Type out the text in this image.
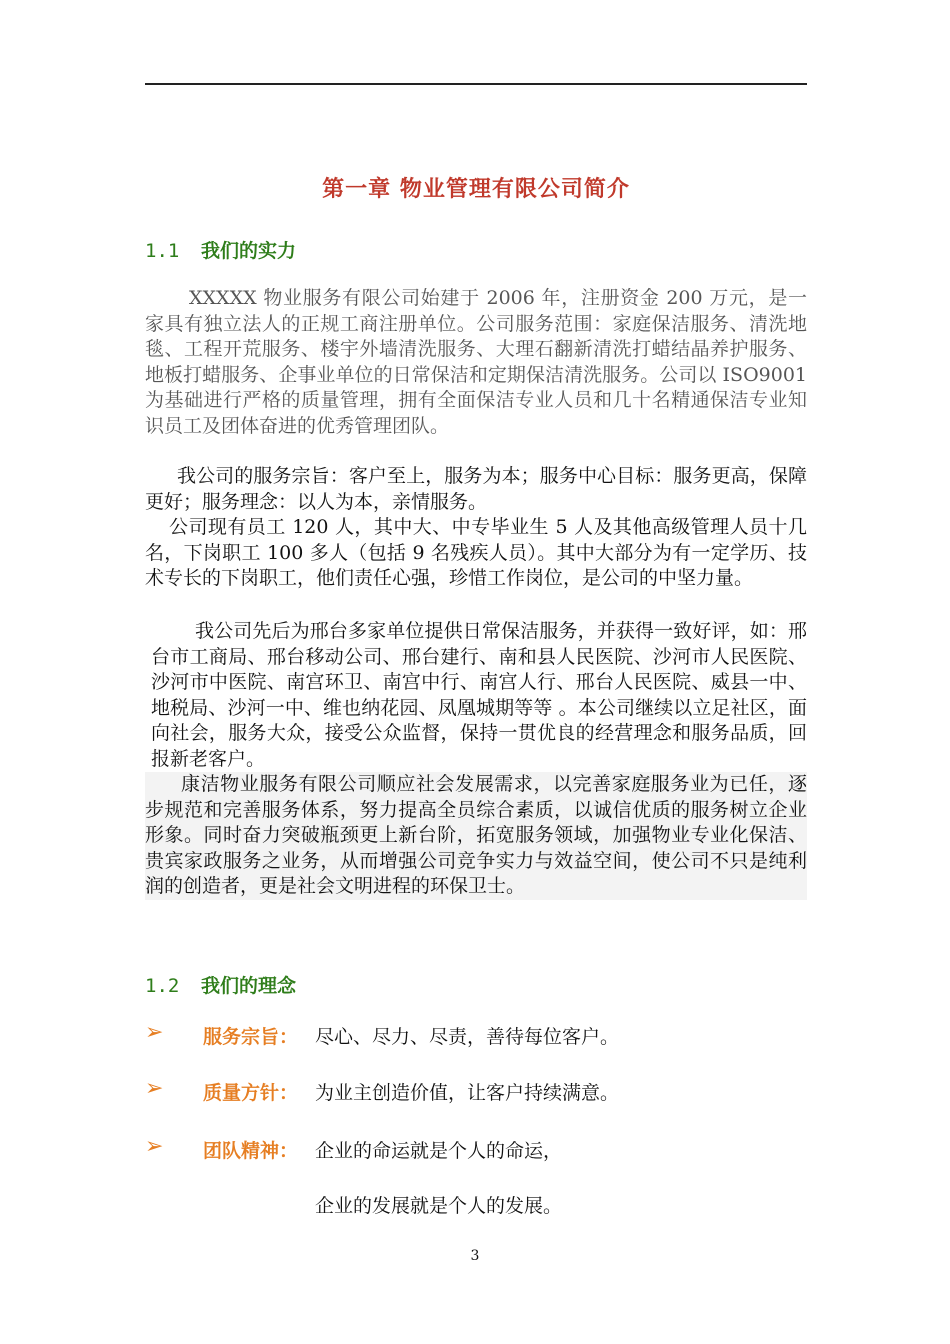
第一章 物业管理有限公司简介
1.1 我们的实力
XXXXX 物业服务有限公司始建于 2006 年，注册资金 200 万元，是一家具有独立法人的正规工商注册单位。公司服务范围：家庭保洁服务、清洗地毯、工程开荒服务、楼宇外墙清洗服务、大理石翻新清洗打蜡结晶养护服务、地板打蜡服务、企事业单位的日常保洁和定期保洁清洗服务。公司以 ISO9001 为基础进行严格的质量管理，拥有全面保洁专业人员和几十名精通保洁专业知识员工及团体奋进的优秀管理团队。
我公司的服务宗旨：客户至上，服务为本；服务中心目标：服务更高，保障更好；服务理念：以人为本，亲情服务。
公司现有员工 120 人，其中大、中专毕业生 5 人及其他高级管理人员十几名，下岗职工 100 多人（包括 9 名残疾人员）。其中大部分为有一定学历、技术专长的下岗职工，他们责任心强，珍惜工作岗位，是公司的中坚力量。
我公司先后为邢台多家单位提供日常保洁服务，并获得一致好评，如：邢台市工商局、邢台移动公司、邢台建行、南和县人民医院、沙河市人民医院、沙河市中医院、南宫环卫、南宫中行、南宫人行、邢台人民医院、威县一中、地税局、沙河一中、维也纳花园、凤凰城期等等 。本公司继续以立足社区，面向社会，服务大众，接受公众监督，保持一贯优良的经营理念和服务品质，回报新老客户。
康洁物业服务有限公司顺应社会发展需求，以完善家庭服务业为已任，逐步规范和完善服务体系，努力提高全员综合素质，以诚信优质的服务树立企业形象。同时奋力突破瓶颈更上新台阶，拓宽服务领域，加强物业专业化保洁、贵宾家政服务之业务，从而增强公司竞争实力与效益空间，使公司不只是纯利润的创造者，更是社会文明进程的环保卫士。
1.2 我们的理念
➢ 服务宗旨： 尽心、尽力、尽责，善待每位客户。
➢ 质量方针： 为业主创造价值，让客户持续满意。
➢ 团队精神： 企业的命运就是个人的命运，
企业的发展就是个人的发展。
3
